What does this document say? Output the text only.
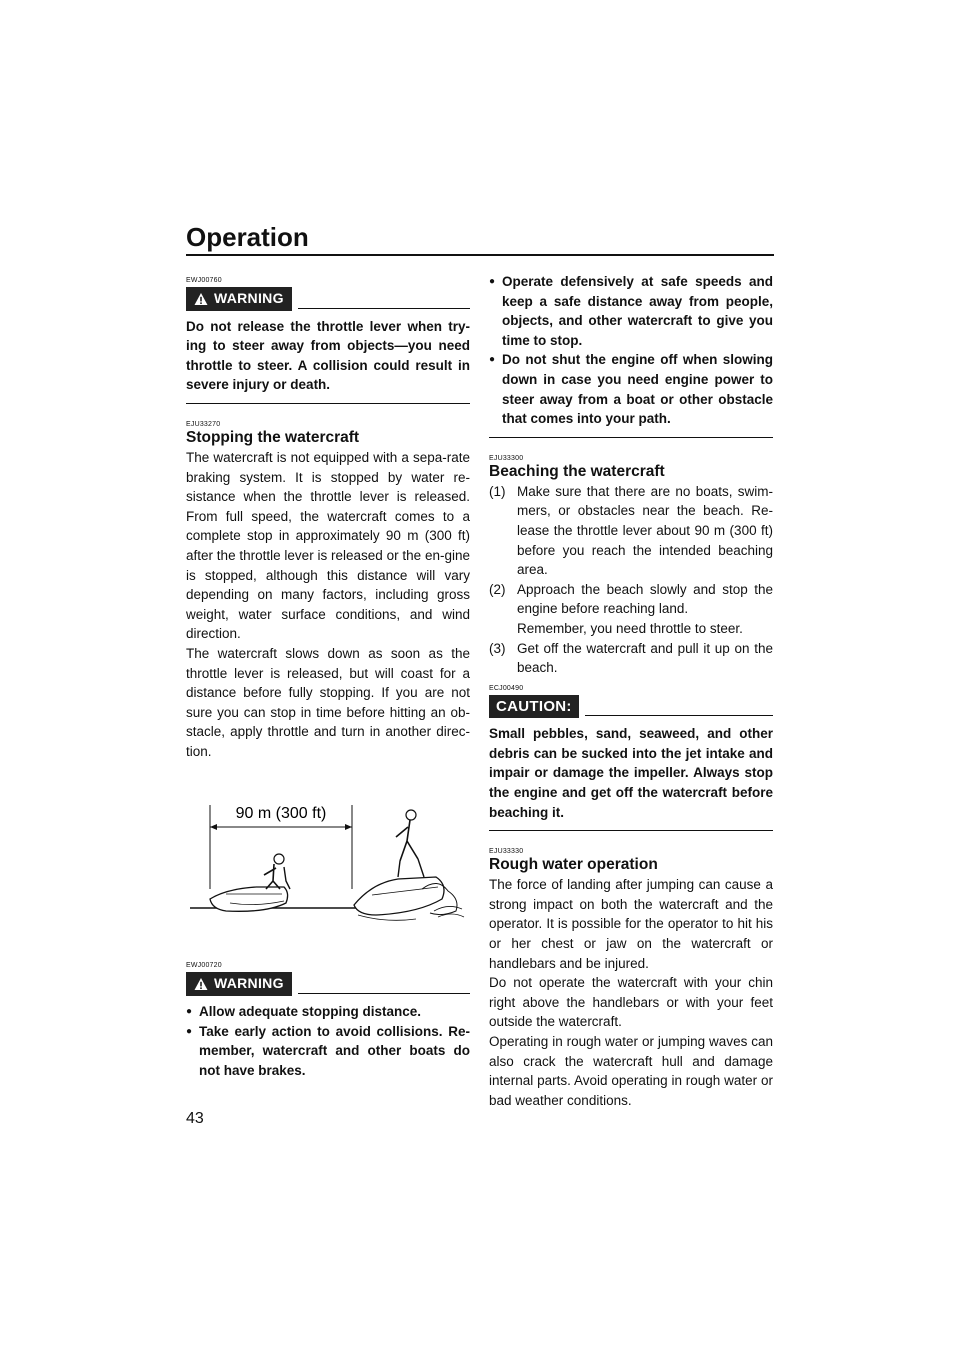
Operation
EWJ00760
WARNING

Do not release the throttle lever when try-ing to steer away from objects—you need throttle to steer. A collision could result in severe injury or death.

EJU33270
Stopping the watercraft

The watercraft is not equipped with a sepa-rate braking system. It is stopped by water re-sistance when the throttle lever is released. From full speed, the watercraft comes to a complete stop in approximately 90 m (300 ft) after the throttle lever is released or the en-gine is stopped, although this distance will vary depending on many factors, including gross weight, water surface conditions, and wind direction.

The watercraft slows down as soon as the throttle lever is released, but will coast for a distance before fully stopping. If you are not sure you can stop in time before hitting an ob-stacle, apply throttle and turn in another direc-tion.

90 m (300 ft)
EWJ00720
WARNING
● Allow adequate stopping distance.
● Take early action to avoid collisions. Re-member, watercraft and other boats do not have brakes.
● Operate defensively at safe speeds and keep a safe distance away from people, objects, and other watercraft to give you time to stop.
● Do not shut the engine off when slowing down in case you need engine power to steer away from a boat or other obstacle that comes into your path.
EJU33300
Beaching the watercraft
(1) Make sure that there are no boats, swim-mers, or obstacles near the beach. Re-lease the throttle lever about 90 m (300 ft) before you reach the intended beaching area.
(2) Approach the beach slowly and stop the engine before reaching land.
Remember, you need throttle to steer.
(3) Get off the watercraft and pull it up on the beach.
ECJ00490
CAUTION:

Small pebbles, sand, seaweed, and other debris can be sucked into the jet intake and impair or damage the impeller. Always stop the engine and get off the watercraft before beaching it.

EJU33330
Rough water operation

The force of landing after jumping can cause a strong impact on both the watercraft and the operator. It is possible for the operator to hit his or her chest or jaw on the watercraft or handlebars and be injured.

Do not operate the watercraft with your chin right above the handlebars or with your feet outside the watercraft.

Operating in rough water or jumping waves can also crack the watercraft hull and damage internal parts. Avoid operating in rough water or bad weather conditions.

43
